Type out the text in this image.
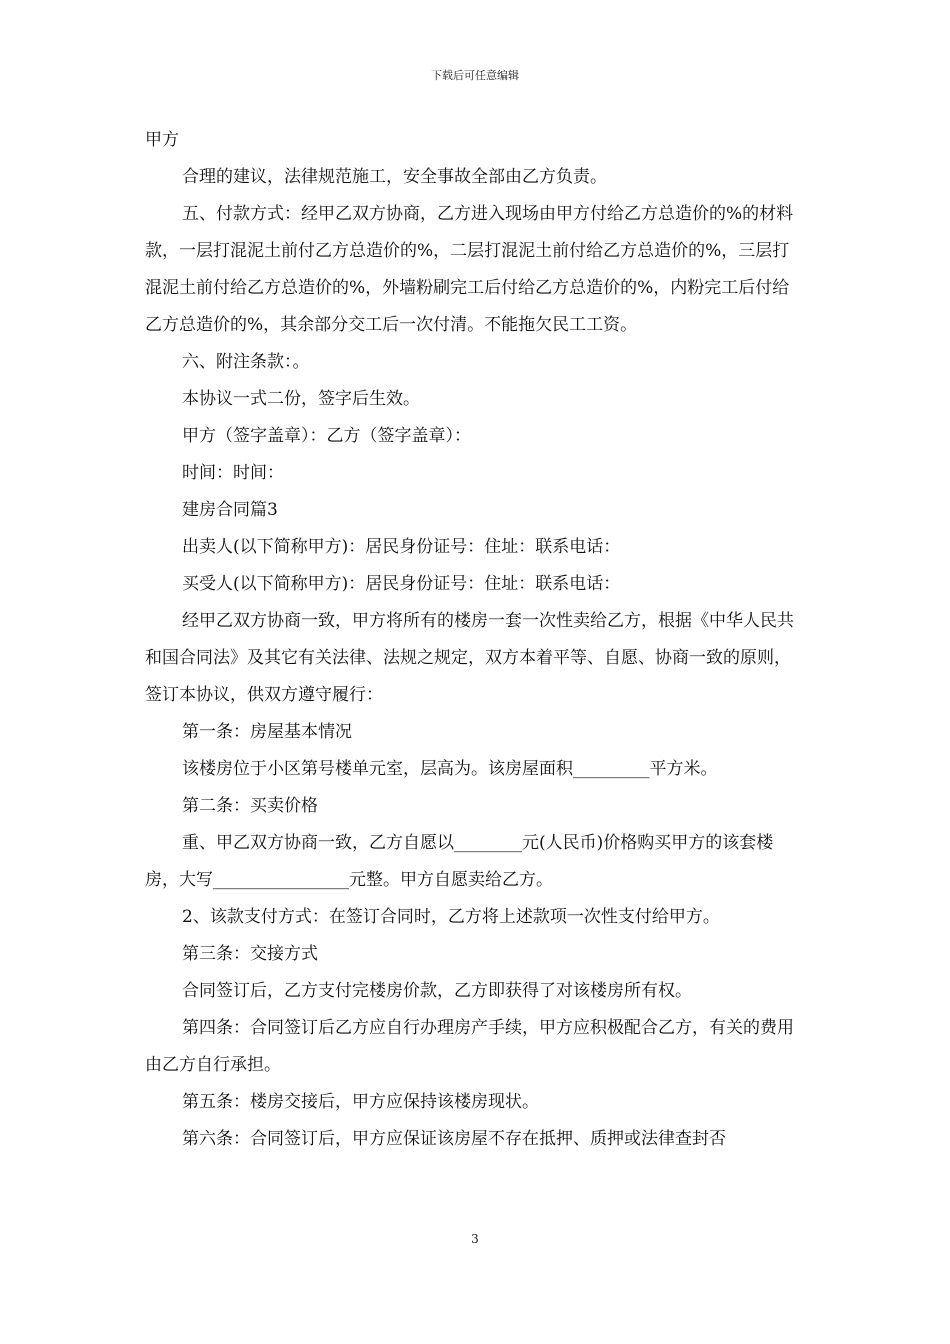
下载后可任意编辑

甲方

合理的建议，法律规范施工，安全事故全部由乙方负责。

五、付款方式：经甲乙双方协商，乙方进入现场由甲方付给乙方总造价的%的材料款，一层打混泥土前付乙方总造价的%，二层打混泥土前付给乙方总造价的%，三层打混泥土前付给乙方总造价的%，外墙粉刷完工后付给乙方总造价的%，内粉完工后付给乙方总造价的%，其余部分交工后一次付清。不能拖欠民工工资。

六、附注条款：。

本协议一式二份，签字后生效。

甲方（签字盖章）：乙方（签字盖章）：

时间：时间：

建房合同篇3

出卖人(以下简称甲方)：居民身份证号：住址：联系电话：

买受人(以下简称甲方)：居民身份证号：住址：联系电话：

经甲乙双方协商一致，甲方将所有的楼房一套一次性卖给乙方，根据《中华人民共和国合同法》及其它有关法律、法规之规定，双方本着平等、自愿、协商一致的原则，签订本协议，供双方遵守履行：

第一条：房屋基本情况

该楼房位于小区第号楼单元室，层高为。该房屋面积_________平方米。

第二条：买卖价格

重、甲乙双方协商一致，乙方自愿以________元(人民币)价格购买甲方的该套楼房，大写________________元整。甲方自愿卖给乙方。

2、该款支付方式：在签订合同时，乙方将上述款项一次性支付给甲方。

第三条：交接方式

合同签订后，乙方支付完楼房价款，乙方即获得了对该楼房所有权。

第四条：合同签订后乙方应自行办理房产手续，甲方应积极配合乙方，有关的费用由乙方自行承担。

第五条：楼房交接后，甲方应保持该楼房现状。

第六条：合同签订后，甲方应保证该房屋不存在抵押、质押或法律查封否

3
